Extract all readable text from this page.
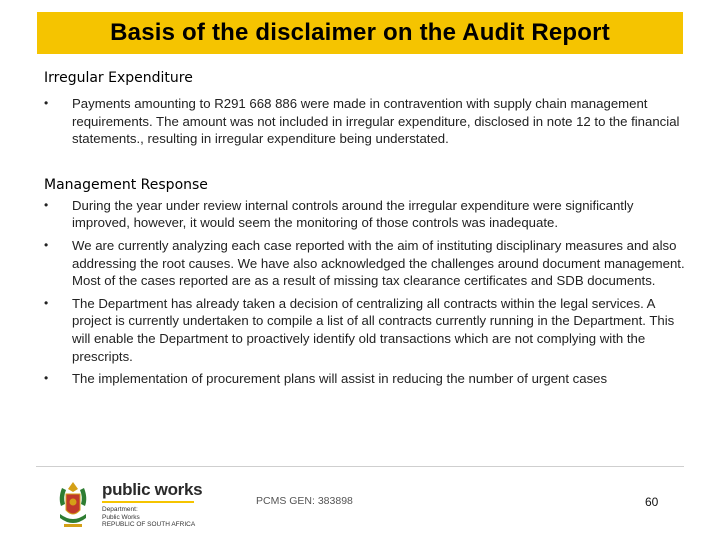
Basis of the disclaimer on the Audit Report

Irregular Expenditure

•	Payments amounting to R291 668 886 were made in contravention with supply chain management requirements. The amount was not included in irregular expenditure, disclosed in note 12 to the financial statements., resulting in irregular expenditure being understated.

Management Response

•	During the year under review internal controls around the irregular expenditure were significantly improved, however, it would seem the monitoring of those controls was inadequate.
•	We are currently analyzing each case reported with the aim of instituting disciplinary measures and also addressing the root causes. We have also acknowledged the challenges around document management. Most of the cases reported are as a result of missing tax clearance certificates and SDB documents.
•	The Department has already taken a decision of centralizing all contracts within the legal services. A project is currently undertaken to compile a list of all contracts currently running in the Department. This will enable the Department to proactively identify old transactions which are not complying with the prescripts.
•	The implementation of procurement plans will assist in reducing the number of urgent cases
public works
Department:
Public Works
REPUBLIC OF SOUTH AFRICA
PCMS GEN: 383898	60
